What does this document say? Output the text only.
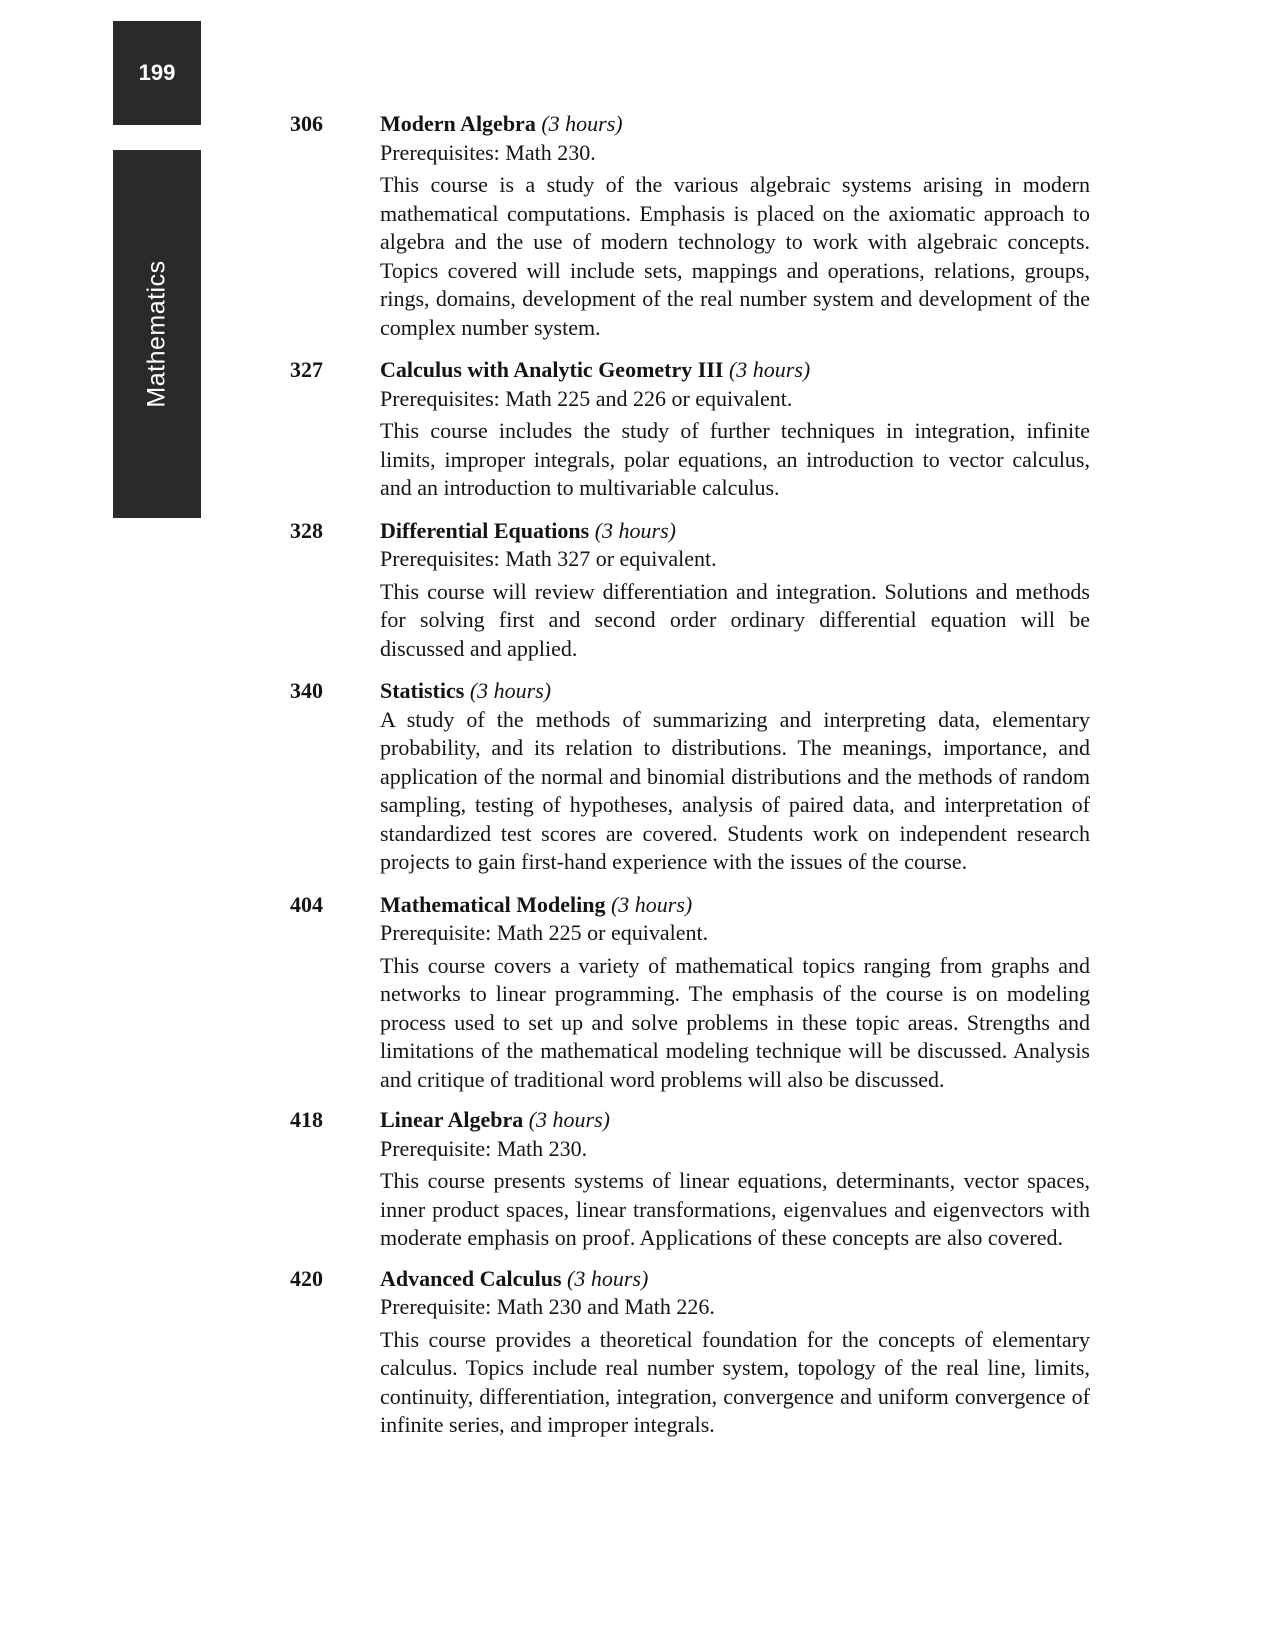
199
Mathematics
306	Modern Algebra (3 hours)
Prerequisites: Math 230.

This course is a study of the various algebraic systems arising in modern mathematical computations. Emphasis is placed on the axiomatic approach to algebra and the use of modern technology to work with algebraic concepts. Topics covered will include sets, mappings and operations, relations, groups, rings, domains, development of the real number system and development of the complex number system.

327	Calculus with Analytic Geometry III (3 hours)
Prerequisites: Math 225 and 226 or equivalent.

This course includes the study of further techniques in integration, infinite limits, improper integrals, polar equations, an introduction to vector calculus, and an introduction to multivariable calculus.

328	Differential Equations (3 hours)
Prerequisites: Math 327 or equivalent.

This course will review differentiation and integration. Solutions and methods for solving first and second order ordinary differential equation will be discussed and applied.

340	Statistics (3 hours)

A study of the methods of summarizing and interpreting data, elementary probability, and its relation to distributions. The meanings, importance, and application of the normal and binomial distributions and the methods of random sampling, testing of hypotheses, analysis of paired data, and interpretation of standardized test scores are covered. Students work on independent research projects to gain first-hand experience with the issues of the course.

404	Mathematical Modeling (3 hours)
Prerequisite: Math 225 or equivalent.

This course covers a variety of mathematical topics ranging from graphs and networks to linear programming. The emphasis of the course is on modeling process used to set up and solve problems in these topic areas. Strengths and limitations of the mathematical modeling technique will be discussed. Analysis and critique of traditional word problems will also be discussed.

418	Linear Algebra (3 hours)
Prerequisite: Math 230.

This course presents systems of linear equations, determinants, vector spaces, inner product spaces, linear transformations, eigenvalues and eigenvectors with moderate emphasis on proof. Applications of these concepts are also covered.

420	Advanced Calculus (3 hours)
Prerequisite: Math 230 and Math 226.

This course provides a theoretical foundation for the concepts of elementary calculus. Topics include real number system, topology of the real line, limits, continuity, differentiation, integration, convergence and uniform convergence of infinite series, and improper integrals.
